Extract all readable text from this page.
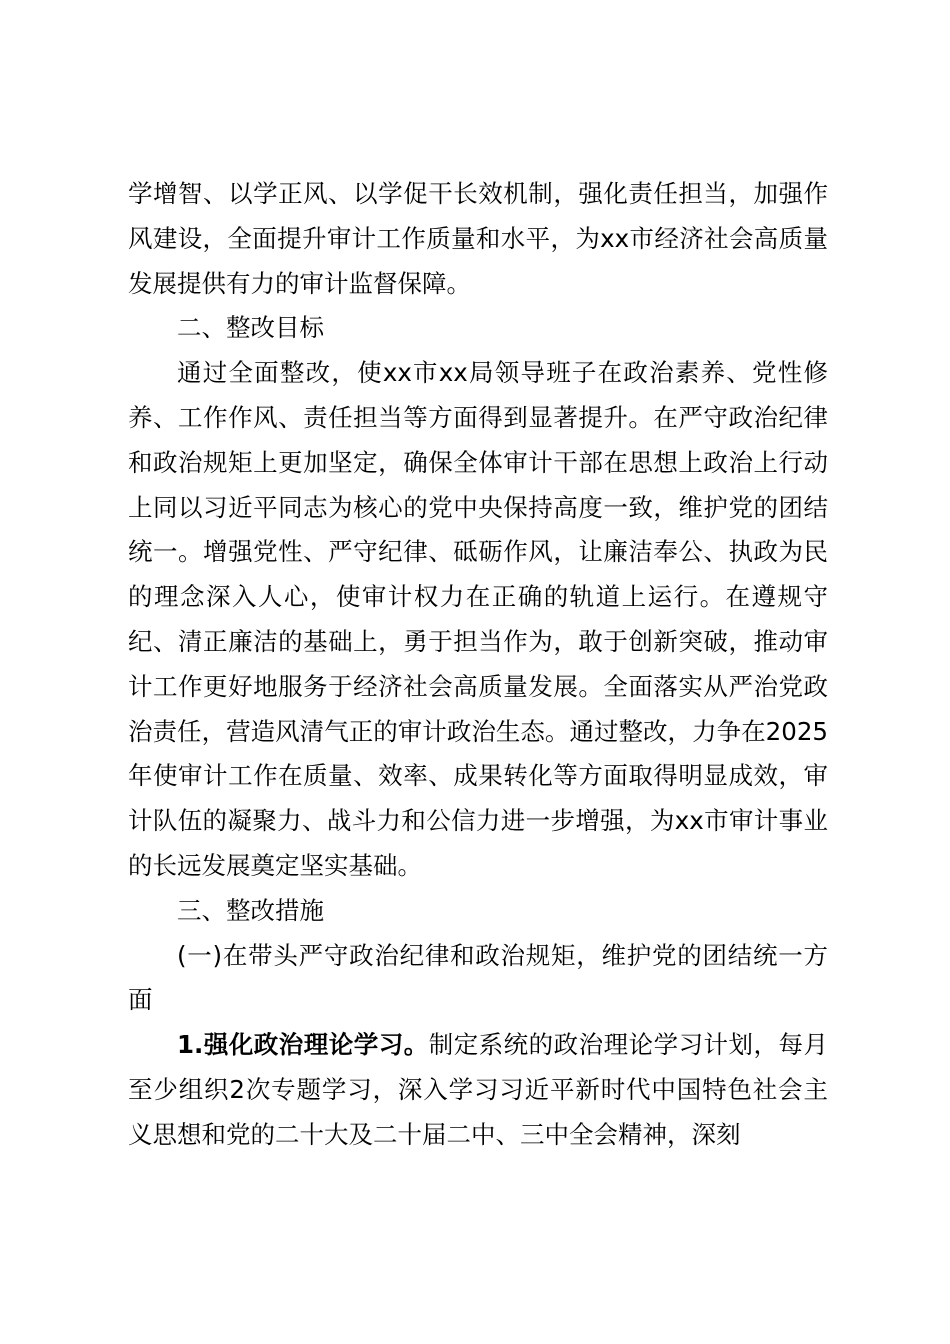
学增智、以学正风、以学促干长效机制，强化责任担当，加强作风建设，全面提升审计工作质量和水平，为xx市经济社会高质量发展提供有力的审计监督保障。

二、整改目标

通过全面整改，使xx市xx局领导班子在政治素养、党性修养、工作作风、责任担当等方面得到显著提升。在严守政治纪律和政治规矩上更加坚定，确保全体审计干部在思想上政治上行动上同以习近平同志为核心的党中央保持高度一致，维护党的团结统一。增强党性、严守纪律、砥砺作风，让廉洁奉公、执政为民的理念深入人心，使审计权力在正确的轨道上运行。在遵规守纪、清正廉洁的基础上，勇于担当作为，敢于创新突破，推动审计工作更好地服务于经济社会高质量发展。全面落实从严治党政治责任，营造风清气正的审计政治生态。通过整改，力争在2025年使审计工作在质量、效率、成果转化等方面取得明显成效，审计队伍的凝聚力、战斗力和公信力进一步增强，为xx市审计事业的长远发展奠定坚实基础。

三、整改措施

(一)在带头严守政治纪律和政治规矩，维护党的团结统一方面

1.强化政治理论学习。制定系统的政治理论学习计划，每月至少组织2次专题学习，深入学习习近平新时代中国特色社会主义思想和党的二十大及二十届二中、三中全会精神，深刻
